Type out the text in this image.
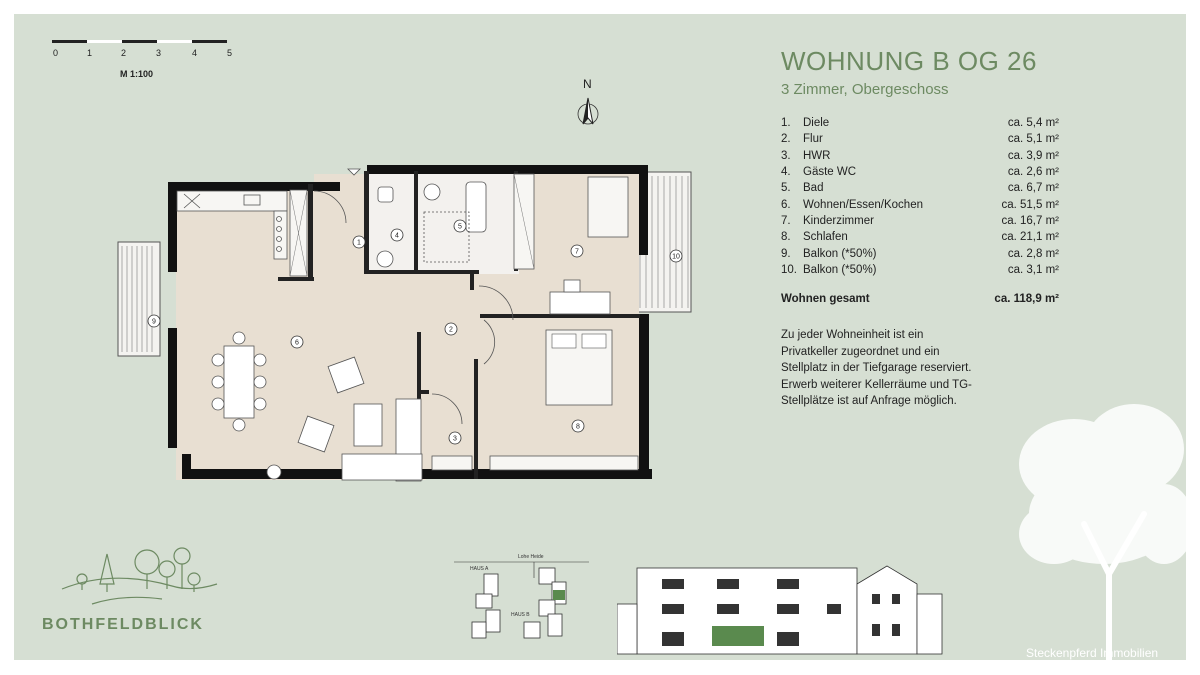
0	1	2	3	4	5
M 1:100
N
1
2
3
4
5
6
7
8
9
10
WOHNUNG B OG 26
3 Zimmer, Obergeschoss
1.	Diele	ca. 5,4 m²
2.	Flur	ca. 5,1 m²
3.	HWR	ca. 3,9 m²
4.	Gäste WC	ca. 2,6 m²
5.	Bad	ca. 6,7 m²
6.	Wohnen/Essen/Kochen	ca. 51,5 m²
7.	Kinderzimmer	ca. 16,7 m²
8.	Schlafen	ca. 21,1 m²
9.	Balkon (*50%)	ca. 2,8 m²
10. Balkon (*50%)	ca. 3,1 m²
Wohnen gesamt	ca. 118,9 m²
Zu jeder Wohneinheit ist ein Privatkeller zugeordnet und ein Stellplatz in der Tiefgarage reserviert. Erwerb weiterer Kellerräume und TG-Stellplätze ist auf Anfrage möglich.
BOTHFELDBLICK
Lohe Heide
HAUS A
HAUS B
Steckenpferd Immobilien
